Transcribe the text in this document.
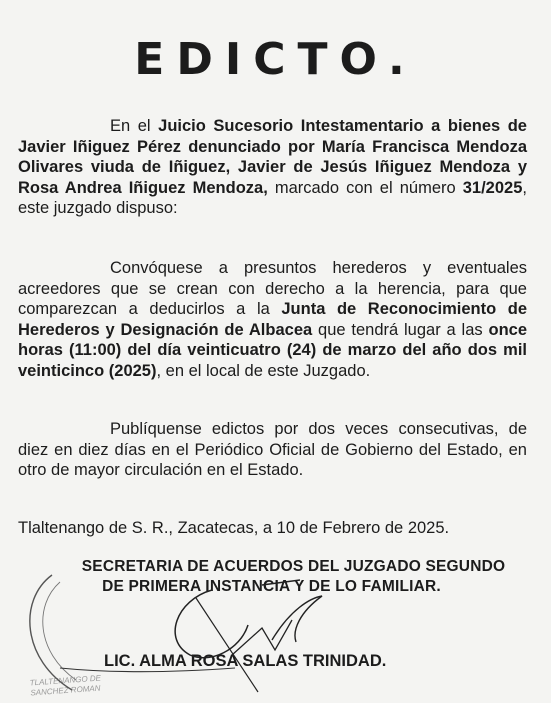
EDICTO.

En el Juicio Sucesorio Intestamentario a bienes de Javier Iñiguez Pérez denunciado por María Francisca Mendoza Olivares viuda de Iñiguez, Javier de Jesús Iñiguez Mendoza y Rosa Andrea Iñiguez Mendoza, marcado con el número 31/2025, este juzgado dispuso:

Convóquese a presuntos herederos y eventuales acreedores que se crean con derecho a la herencia, para que comparezcan a deducirlos a la Junta de Reconocimiento de Herederos y Designación de Albacea que tendrá lugar a las once horas (11:00) del día veinticuatro (24) de marzo del año dos mil veinticinco (2025), en el local de este Juzgado.

Publíquense edictos por dos veces consecutivas, de diez en diez días en el Periódico Oficial de Gobierno del Estado, en otro de mayor circulación en el Estado.

Tlaltenango de S. R., Zacatecas, a 10 de Febrero de 2025.
SECRETARIA DE ACUERDOS DEL JUZGADO SEGUNDO
DE PRIMERA INSTANCIA Y DE LO FAMILIAR.
LIC. ALMA ROSA SALAS TRINIDAD.
TLALTENANGO DE
SANCHEZ ROMAN
